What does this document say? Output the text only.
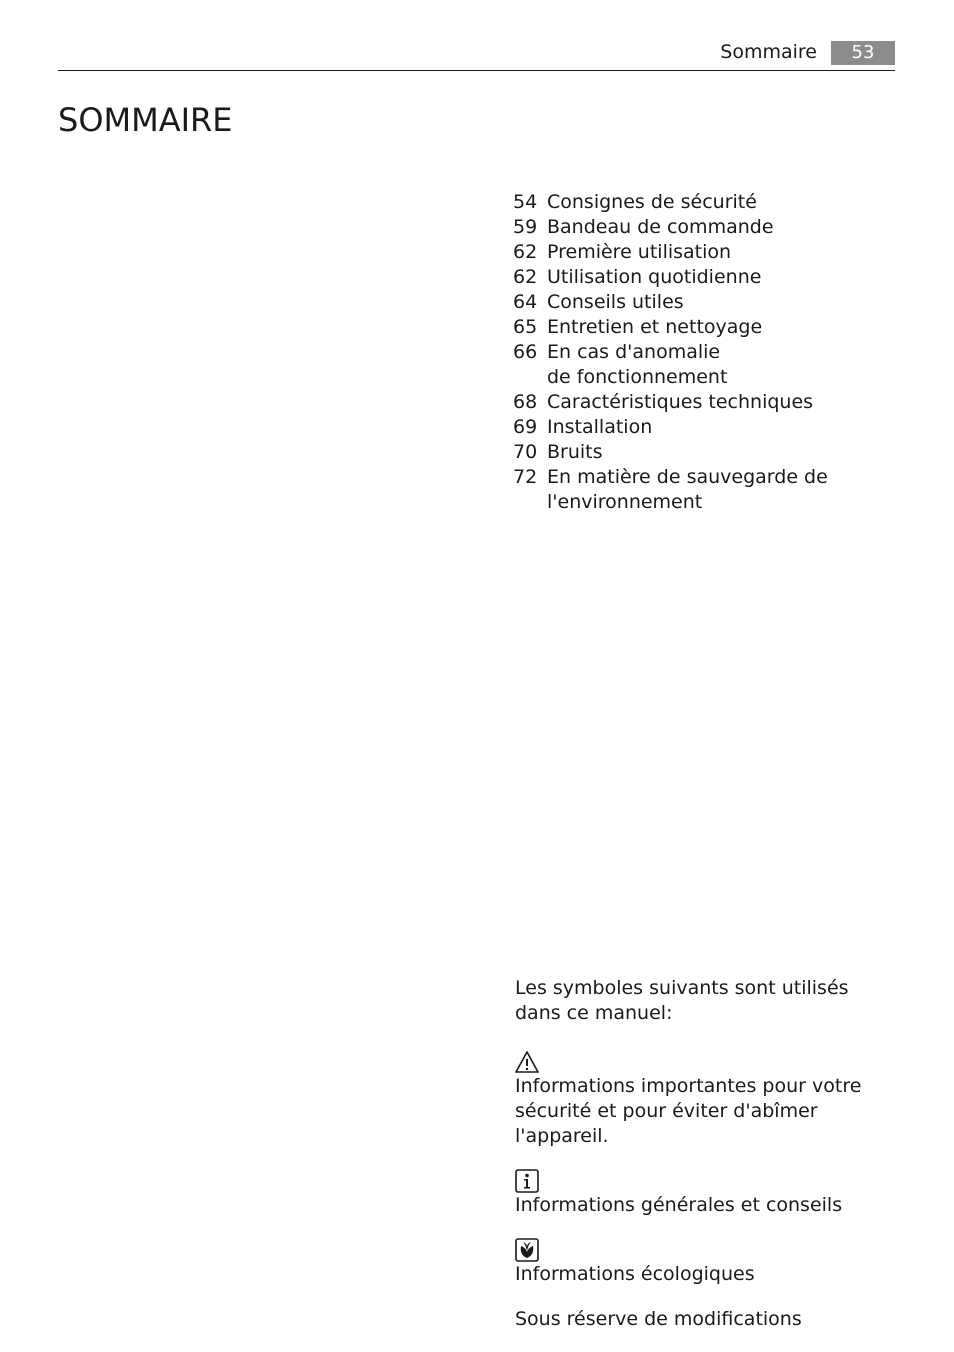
Sommaire	53
SOMMAIRE
54 Consignes de sécurité
59 Bandeau de commande
62 Première utilisation
62 Utilisation quotidienne
64 Conseils utiles
65 Entretien et nettoyage
66 En cas d'anomalie de fonctionnement
68 Caractéristiques techniques
69 Installation
70 Bruits
72 En matière de sauvegarde de l'environnement

Les symboles suivants sont utilisés dans ce manuel:

Informations importantes pour votre sécurité et pour éviter d'abîmer l'appareil.

Informations générales et conseils

Informations écologiques

Sous réserve de modifications
